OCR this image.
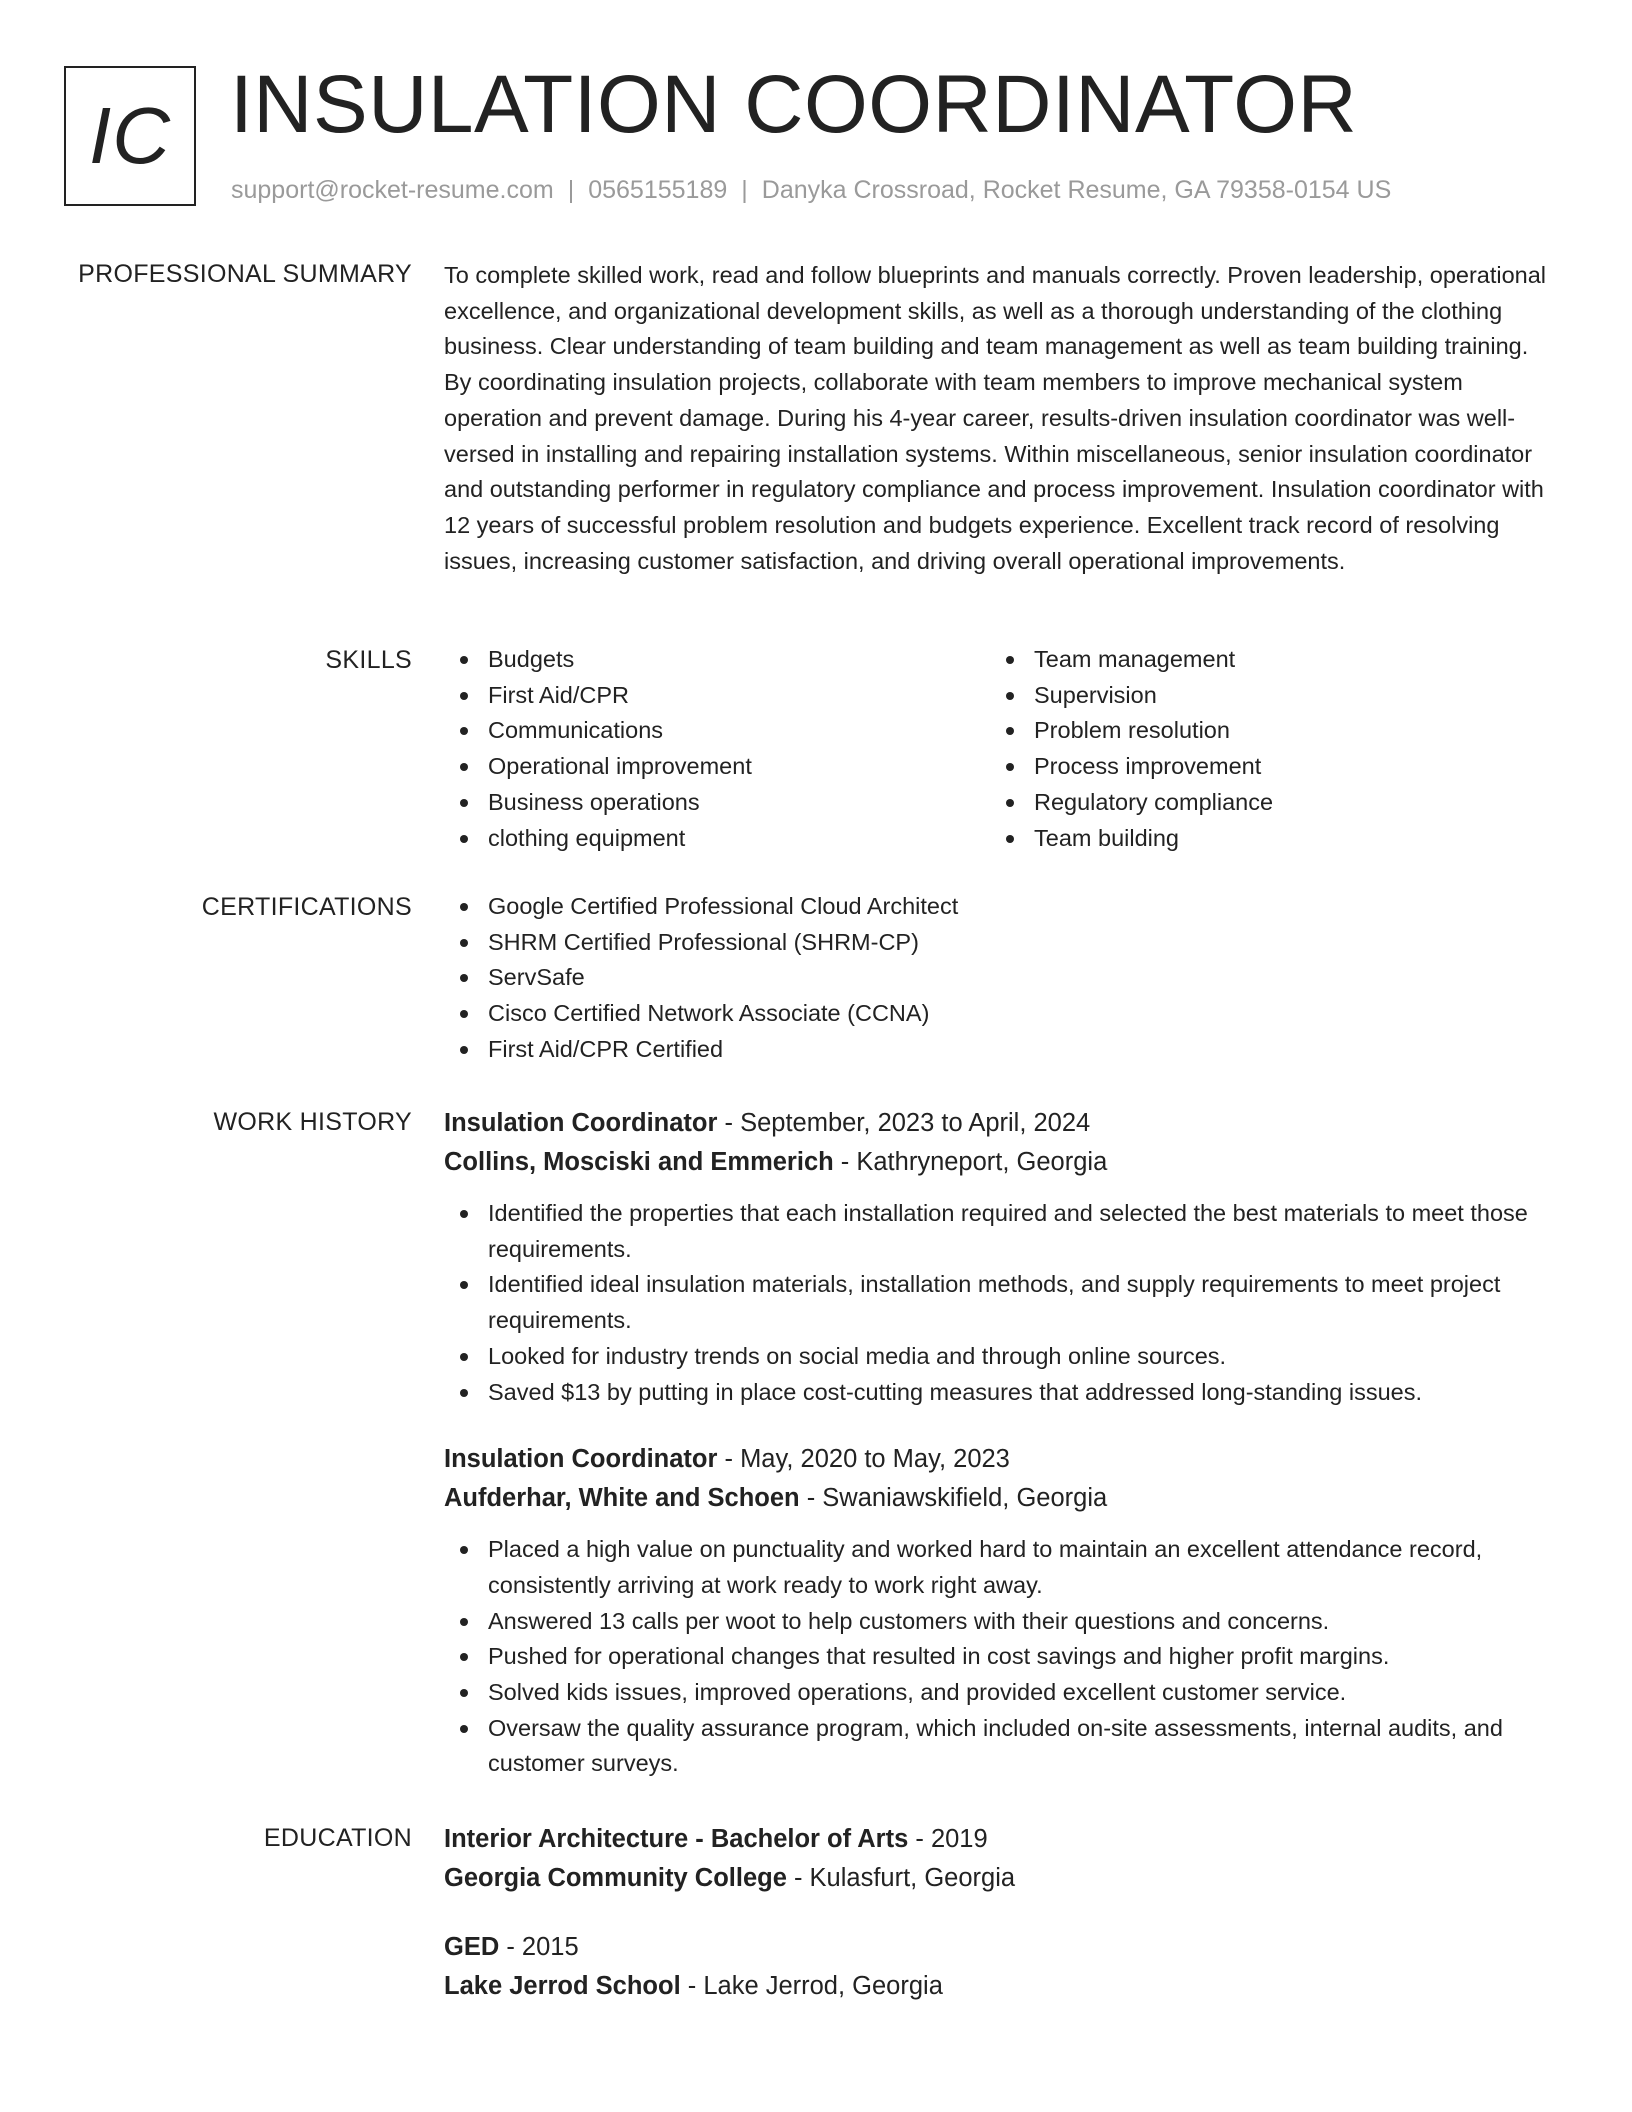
IC INSULATION COORDINATOR
support@rocket-resume.com | 0565155189 | Danyka Crossroad, Rocket Resume, GA 79358-0154 US
PROFESSIONAL SUMMARY To complete skilled work, read and follow blueprints and manuals correctly. Proven leadership, operational excellence, and organizational development skills, as well as a thorough understanding of the clothing business. Clear understanding of team building and team management as well as team building training. By coordinating insulation projects, collaborate with team members to improve mechanical system operation and prevent damage. During his 4-year career, results-driven insulation coordinator was well-versed in installing and repairing installation systems. Within miscellaneous, senior insulation coordinator and outstanding performer in regulatory compliance and process improvement. Insulation coordinator with 12 years of successful problem resolution and budgets experience. Excellent track record of resolving issues, increasing customer satisfaction, and driving overall operational improvements.

SKILLS	Budgets
First Aid/CPR
Communications
Operational improvement
Business operations
clothing equipment
Team management
Supervision
Problem resolution
Process improvement
Regulatory compliance
Team building
CERTIFICATIONS	Google Certified Professional Cloud Architect
SHRM Certified Professional (SHRM-CP)
ServSafe
Cisco Certified Network Associate (CCNA)
First Aid/CPR Certified
WORK HISTORY Insulation Coordinator - September, 2023 to April, 2024
Collins, Mosciski and Emmerich - Kathryneport, Georgia
Identified the properties that each installation required and selected the best materials to meet those requirements.
Identified ideal insulation materials, installation methods, and supply requirements to meet project requirements.
Looked for industry trends on social media and through online sources.
Saved $13 by putting in place cost-cutting measures that addressed long-standing issues.
Insulation Coordinator - May, 2020 to May, 2023
Aufderhar, White and Schoen - Swaniawskifield, Georgia
Placed a high value on punctuality and worked hard to maintain an excellent attendance record, consistently arriving at work ready to work right away.
Answered 13 calls per woot to help customers with their questions and concerns.
Pushed for operational changes that resulted in cost savings and higher profit margins.
Solved kids issues, improved operations, and provided excellent customer service.
Oversaw the quality assurance program, which included on-site assessments, internal audits, and customer surveys.
EDUCATION Interior Architecture - Bachelor of Arts - 2019
Georgia Community College - Kulasfurt, Georgia
GED - 2015
Lake Jerrod School - Lake Jerrod, Georgia
